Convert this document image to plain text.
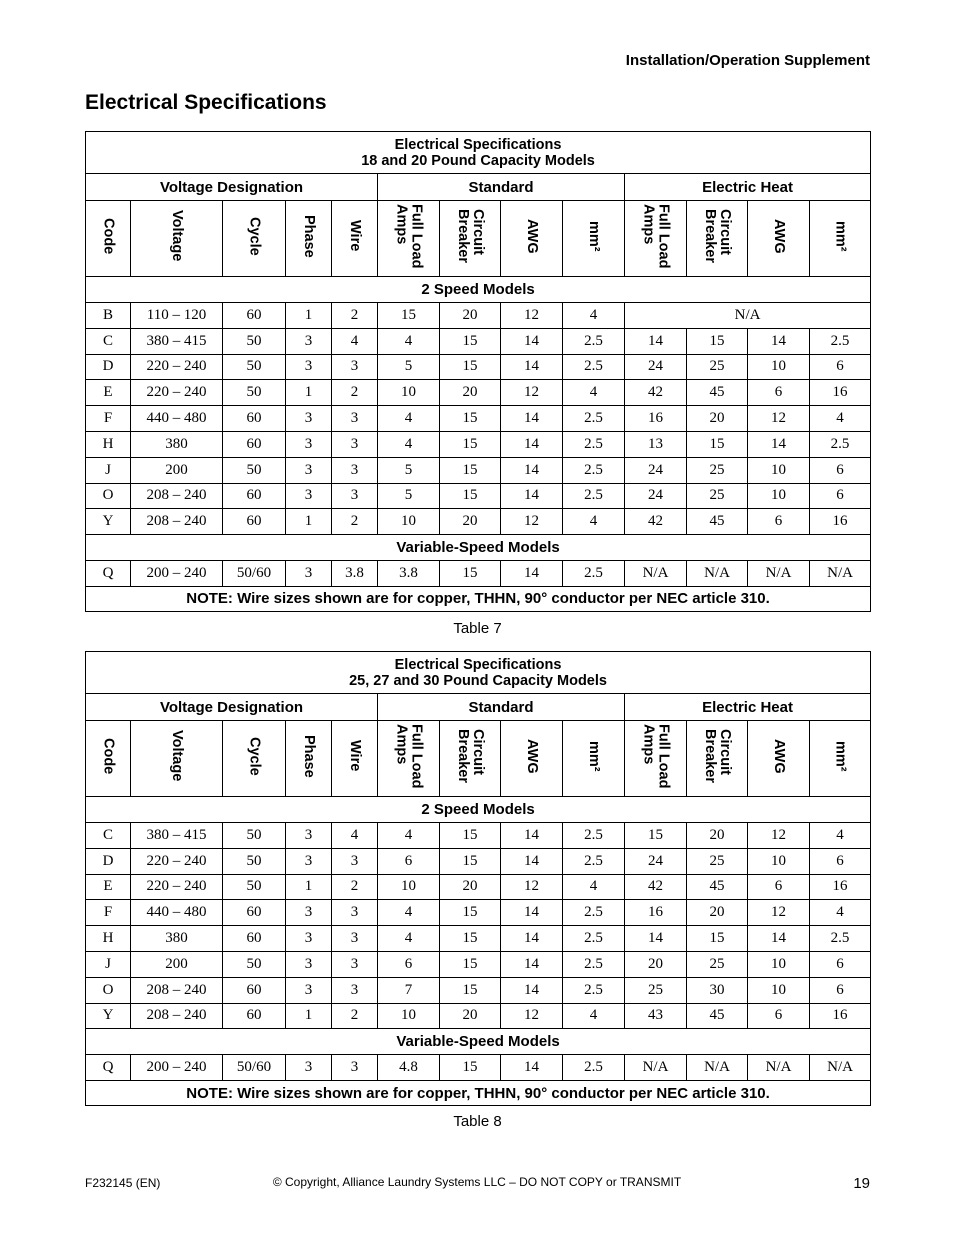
Installation/Operation Supplement
Electrical Specifications
Electrical Specifications
18 and 20 Pound Capacity Models												

Voltage Designation					Standard				Electric Heat			
Code	Voltage	Cycle	Phase	Wire	Full Load
Amps	Circuit
Breaker	AWG	mm²	Full Load
Amps	Circuit
Breaker	AWG	mm²
2 Speed Models												
B	110 – 120	60	1	2	15	20	12	4	N/A			
C	380 – 415	50	3	4	4	15	14	2.5	14	15	14	2.5
D	220 – 240	50	3	3	5	15	14	2.5	24	25	10	6
E	220 – 240	50	1	2	10	20	12	4	42	45	6	16
F	440 – 480	60	3	3	4	15	14	2.5	16	20	12	4
H	380	60	3	3	4	15	14	2.5	13	15	14	2.5
J	200	50	3	3	5	15	14	2.5	24	25	10	6
O	208 – 240	60	3	3	5	15	14	2.5	24	25	10	6
Y	208 – 240	60	1	2	10	20	12	4	42	45	6	16
Variable-Speed Models												
Q	200 – 240	50/60	3	3.8	3.8	15	14	2.5	N/A	N/A	N/A	N/A
NOTE: Wire sizes shown are for copper, THHN, 90° conductor per NEC article 310.												
Table 7
Electrical Specifications
25, 27 and 30 Pound Capacity Models												

Voltage Designation					Standard				Electric Heat			
Code	Voltage	Cycle	Phase	Wire	Full Load
Amps	Circuit
Breaker	AWG	mm²	Full Load
Amps	Circuit
Breaker	AWG	mm²
2 Speed Models												
C	380 – 415	50	3	4	4	15	14	2.5	15	20	12	4
D	220 – 240	50	3	3	6	15	14	2.5	24	25	10	6
E	220 – 240	50	1	2	10	20	12	4	42	45	6	16
F	440 – 480	60	3	3	4	15	14	2.5	16	20	12	4
H	380	60	3	3	4	15	14	2.5	14	15	14	2.5
J	200	50	3	3	6	15	14	2.5	20	25	10	6
O	208 – 240	60	3	3	7	15	14	2.5	25	30	10	6
Y	208 – 240	60	1	2	10	20	12	4	43	45	6	16
Variable-Speed Models												
Q	200 – 240	50/60	3	3	4.8	15	14	2.5	N/A	N/A	N/A	N/A
NOTE: Wire sizes shown are for copper, THHN, 90° conductor per NEC article 310.												
Table 8
F232145 (EN)	© Copyright, Alliance Laundry Systems LLC – DO NOT COPY or TRANSMIT	19
